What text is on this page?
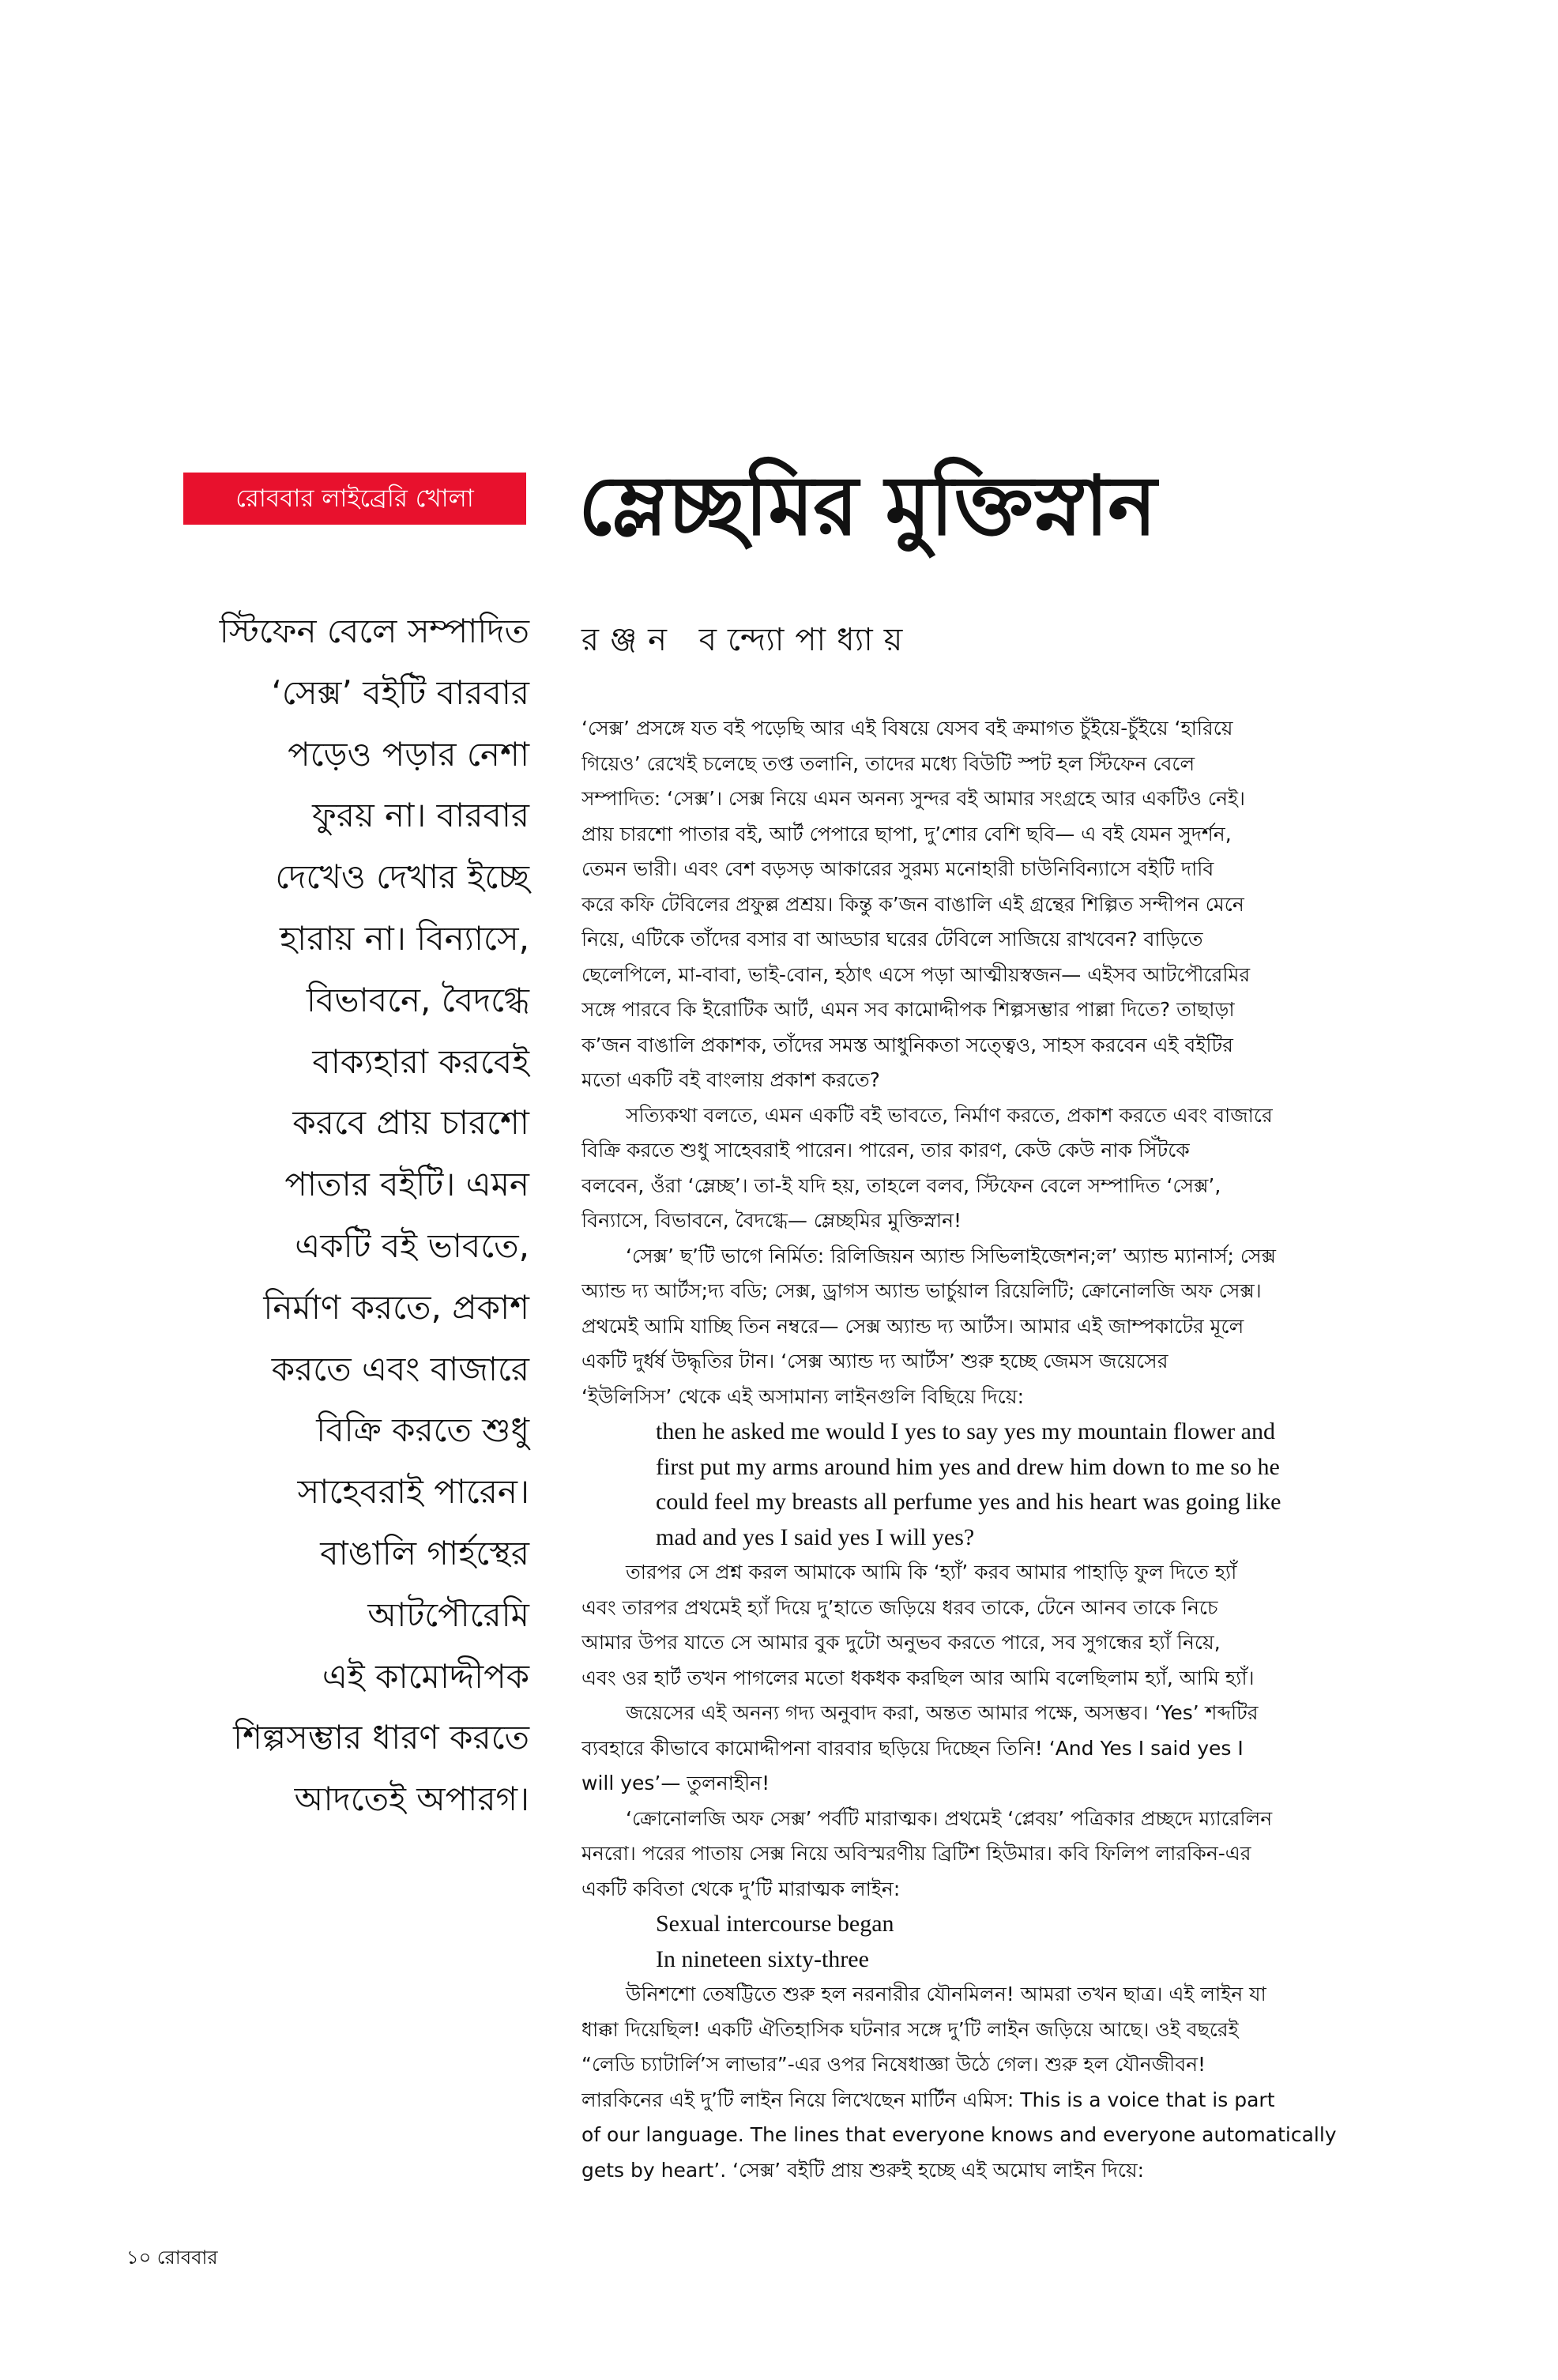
রোববার লাইব্রেরি খোলা	ম্লেচ্ছমির মুক্তিস্নান
রঞ্জন বন্দ্যোপাধ্যায়
স্টিফেন বেলে সম্পাদিত
‘সেক্স’ বইটি বারবার
পড়েও পড়ার নেশা
ফুরয় না। বারবার
দেখেও দেখার ইচ্ছে
হারায় না। বিন্যাসে,
বিভাবনে, বৈদগ্ধে
বাক্যহারা করবেই
করবে প্রায় চারশো
পাতার বইটি। এমন
একটি বই ভাবতে,
নির্মাণ করতে, প্রকাশ
করতে এবং বাজারে
বিক্রি করতে শুধু
সাহেবরাই পারেন।
বাঙালি গার্হস্থের
আটপৌরেমি
এই কামোদ্দীপক
শিল্পসম্ভার ধারণ করতে
আদতেই অপারগ।
‘সেক্স’ প্রসঙ্গে যত বই পড়েছি আর এই বিষয়ে যেসব বই ক্রমাগত চুঁইয়ে-চুঁইয়ে ‘হারিয়ে
গিয়েও’ রেখেই চলেছে তপ্ত তলানি, তাদের মধ্যে বিউটি স্পট হল স্টিফেন বেলে
সম্পাদিত: ‘সেক্স’। সেক্স নিয়ে এমন অনন্য সুন্দর বই আমার সংগ্রহে আর একটিও নেই।
প্রায় চারশো পাতার বই, আর্ট পেপারে ছাপা, দু’শোর বেশি ছবি— এ বই যেমন সুদর্শন,
তেমন ভারী। এবং বেশ বড়সড় আকারের সুরম্য মনোহারী চাউনিবিন্যাসে বইটি দাবি
করে কফি টেবিলের প্রফুল্ল প্রশ্রয়। কিন্তু ক’জন বাঙালি এই গ্রন্থের শিল্পিত সন্দীপন মেনে
নিয়ে, এটিকে তাঁদের বসার বা আড্ডার ঘরের টেবিলে সাজিয়ে রাখবেন? বাড়িতে
ছেলেপিলে, মা-বাবা, ভাই-বোন, হঠাৎ এসে পড়া আত্মীয়স্বজন— এইসব আটপৌরেমির
সঙ্গে পারবে কি ইরোটিক আর্ট, এমন সব কামোদ্দীপক শিল্পসম্ভার পাল্লা দিতে? তাছাড়া
ক’জন বাঙালি প্রকাশক, তাঁদের সমস্ত আধুনিকতা সত্ত্বেও, সাহস করবেন এই বইটির
মতো একটি বই বাংলায় প্রকাশ করতে?
সত্যিকথা বলতে, এমন একটি বই ভাবতে, নির্মাণ করতে, প্রকাশ করতে এবং বাজারে
বিক্রি করতে শুধু সাহেবরাই পারেন। পারেন, তার কারণ, কেউ কেউ নাক সিঁটকে
বলবেন, ওঁরা ‘ম্লেচ্ছ’। তা-ই যদি হয়, তাহলে বলব, স্টিফেন বেলে সম্পাদিত ‘সেক্স’,
বিন্যাসে, বিভাবনে, বৈদগ্ধে— ম্লেচ্ছমির মুক্তিস্নান!
‘সেক্স’ ছ’টি ভাগে নির্মিত: রিলিজিয়ন অ্যান্ড সিভিলাইজেশন;ল’ অ্যান্ড ম্যানার্স; সেক্স
অ্যান্ড দ্য আর্টস;দ্য বডি; সেক্স, ড্রাগস অ্যান্ড ভার্চুয়াল রিয়েলিটি; ক্রোনোলজি অফ সেক্স।
প্রথমেই আমি যাচ্ছি তিন নম্বরে— সেক্স অ্যান্ড দ্য আর্টস। আমার এই জাম্পকাটের মূলে
একটি দুর্ধর্ষ উদ্ধৃতির টান। ‘সেক্স অ্যান্ড দ্য আর্টস’ শুরু হচ্ছে জেমস জয়েসের
‘ইউলিসিস’ থেকে এই অসামান্য লাইনগুলি বিছিয়ে দিয়ে:
then he asked me would I yes to say yes my mountain flower and
first put my arms around him yes and drew him down to me so he
could feel my breasts all perfume yes and his heart was going like
mad and yes I said yes I will yes?
তারপর সে প্রশ্ন করল আমাকে আমি কি ‘হ্যাঁ’ করব আমার পাহাড়ি ফুল দিতে হ্যাঁ
এবং তারপর প্রথমেই হ্যাঁ দিয়ে দু’হাতে জড়িয়ে ধরব তাকে, টেনে আনব তাকে নিচে
আমার উপর যাতে সে আমার বুক দুটো অনুভব করতে পারে, সব সুগন্ধের হ্যাঁ নিয়ে,
এবং ওর হার্ট তখন পাগলের মতো ধকধক করছিল আর আমি বলেছিলাম হ্যাঁ, আমি হ্যাঁ।
জয়েসের এই অনন্য গদ্য অনুবাদ করা, অন্তত আমার পক্ষে, অসম্ভব। ‘Yes’ শব্দটির
ব্যবহারে কীভাবে কামোদ্দীপনা বারবার ছড়িয়ে দিচ্ছেন তিনি! ‘And Yes I said yes I
will yes’— তুলনাহীন!
‘ক্রোনোলজি অফ সেক্স’ পর্বটি মারাত্মক। প্রথমেই ‘প্লেবয়’ পত্রিকার প্রচ্ছদে ম্যারেলিন
মনরো। পরের পাতায় সেক্স নিয়ে অবিস্মরণীয় ব্রিটিশ হিউমার। কবি ফিলিপ লারকিন-এর
একটি কবিতা থেকে দু’টি মারাত্মক লাইন:
Sexual intercourse began
In nineteen sixty-three
উনিশশো তেষট্টিতে শুরু হল নরনারীর যৌনমিলন! আমরা তখন ছাত্র। এই লাইন যা
ধাক্কা দিয়েছিল! একটি ঐতিহাসিক ঘটনার সঙ্গে দু’টি লাইন জড়িয়ে আছে। ওই বছরেই
“লেডি চ্যাটার্লি’স লাভার”-এর ওপর নিষেধাজ্ঞা উঠে গেল। শুরু হল যৌনজীবন!
লারকিনের এই দু’টি লাইন নিয়ে লিখেছেন মার্টিন এমিস: This is a voice that is part
of our language. The lines that everyone knows and everyone automatically
gets by heart’. ‘সেক্স’ বইটি প্রায় শুরুই হচ্ছে এই অমোঘ লাইন দিয়ে:
১০ রোববার
